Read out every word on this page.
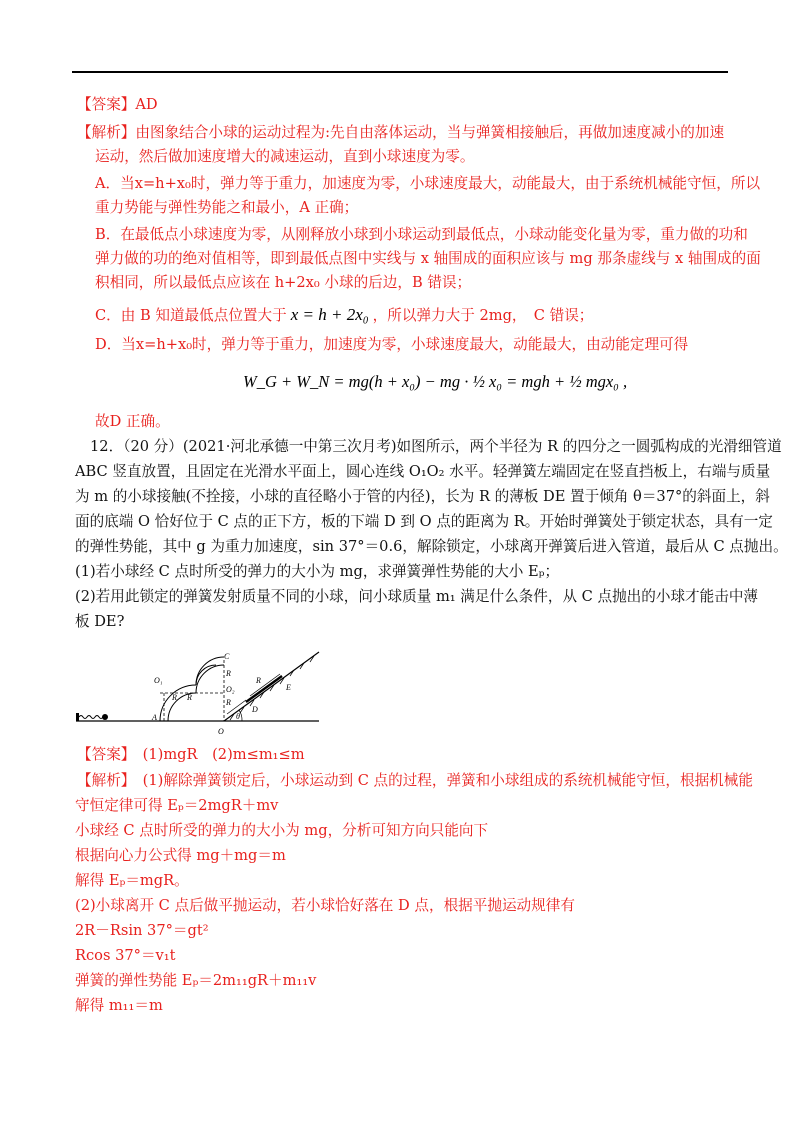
【答案】AD
【解析】由图象结合小球的运动过程为:先自由落体运动，当与弹簧相接触后，再做加速度减小的加速
运动，然后做加速度增大的减速运动，直到小球速度为零。
A．当x=h+x₀时，弹力等于重力，加速度为零，小球速度最大，动能最大，由于系统机械能守恒，所以
重力势能与弹性势能之和最小，A 正确；
B．在最低点小球速度为零，从刚释放小球到小球运动到最低点，小球动能变化量为零，重力做的功和
弹力做的功的绝对值相等，即到最低点图中实线与 x 轴围成的面积应该与 mg 那条虚线与 x 轴围成的面
积相同，所以最低点应该在 h+2x₀ 小球的后边，B 错误；
C．由 B 知道最低点位置大于 x = h + 2x₀ ，所以弹力大于 2mg，　C 错误；
D．当x=h+x₀时，弹力等于重力，加速度为零，小球速度最大，动能最大，由动能定理可得
W_G + W_N = mg(h + x₀) − mg · ½ x₀ = mgh + ½ mgx₀ ,
故D 正确。
12．（20 分）(2021·河北承德一中第三次月考)如图所示，两个半径为 R 的四分之一圆弧构成的光滑细管道
ABC 竖直放置，且固定在光滑水平面上，圆心连线 O₁O₂ 水平。轻弹簧左端固定在竖直挡板上，右端与质量
为 m 的小球接触(不拴接，小球的直径略小于管的内径)，长为 R 的薄板 DE 置于倾角 θ＝37°的斜面上，斜
面的底端 O 恰好位于 C 点的正下方，板的下端 D 到 O 点的距离为 R。开始时弹簧处于锁定状态，具有一定
的弹性势能，其中 g 为重力加速度，sin 37°＝0.6，解除锁定，小球离开弹簧后进入管道，最后从 C 点抛出。
(1)若小球经 C 点时所受的弹力的大小为 mg，求弹簧弹性势能的大小 Eₚ；
(2)若用此锁定的弹簧发射质量不同的小球，问小球质量 m₁ 满足什么条件，从 C 点抛出的小球才能击中薄
板 DE?
C
R
O₁
R R
O₂
R
R
E
A
D
θ
O
【答案】　(1)mgR　(2)m≤m₁≤m
【解析】　(1)解除弹簧锁定后，小球运动到 C 点的过程，弹簧和小球组成的系统机械能守恒，根据机械能
守恒定律可得 Eₚ＝2mgR＋mv
小球经 C 点时所受的弹力的大小为 mg，分析可知方向只能向下
根据向心力公式得 mg＋mg＝m
解得 Eₚ＝mgR。
(2)小球离开 C 点后做平抛运动，若小球恰好落在 D 点，根据平抛运动规律有
2R－Rsin 37°＝gt²
Rcos 37°＝v₁t
弹簧的弹性势能 Eₚ＝2m₁₁gR＋m₁₁v
解得 m₁₁＝m
